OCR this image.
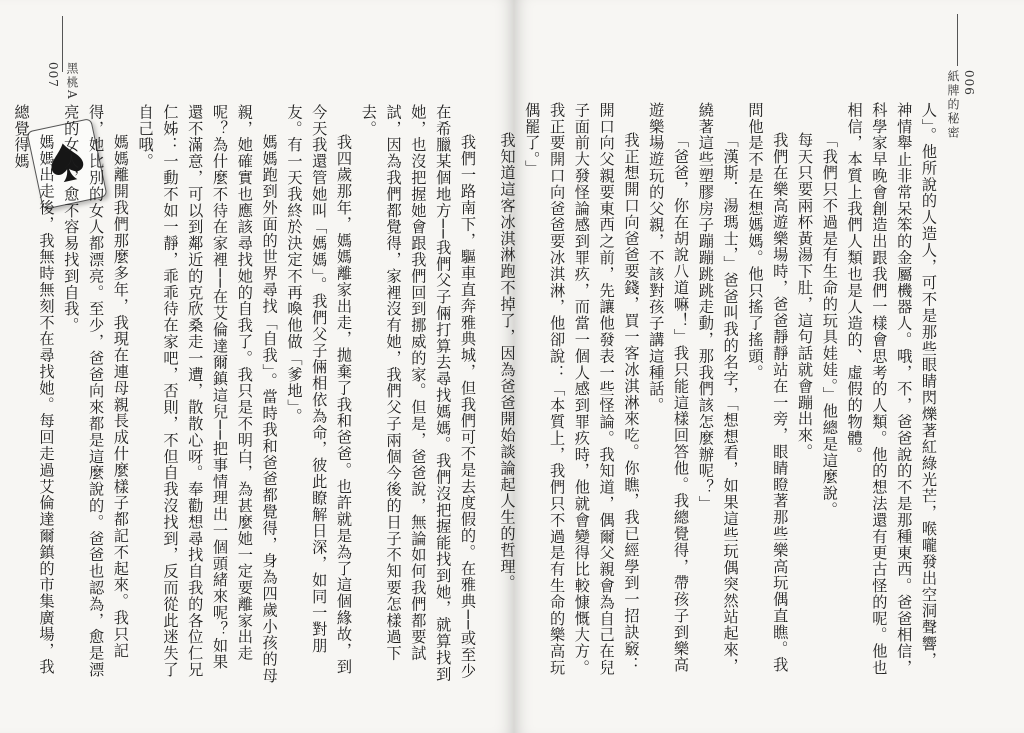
黑桃A
007

我們一路南下，驅車直奔雅典城，但我們可不是去度假的。在雅典──或至少在希臘某個地方──我們父子倆打算去尋找媽媽。我們沒把握能找到她，就算找到她，也沒把握她會跟我們回到挪威的家。但是，爸爸說，無論如何我們都要試試，因為我們都覺得，家裡沒有她，我們父子兩個今後的日子不知要怎樣過下去。

我四歲那年，媽媽離家出走，拋棄了我和爸爸。也許就是為了這個緣故，到今天我還管她叫「媽媽」。我們父子倆相依為命，彼此瞭解日深，如同一對朋友。有一天我終於決定不再喚他做「爹地」。

媽媽跑到外面的世界尋找「自我」。當時我和爸爸都覺得，身為四歲小孩的母親，她確實也應該尋找她的自我了。我只是不明白，為甚麼她一定要離家出走呢？為什麼不待在家裡──在艾倫達爾鎮這兒──把事情理出一個頭緒來呢？如果還不滿意，可以到鄰近的克欣桑走一遭，散散心呀。奉勸想尋找自我的各位仁兄仁姊：一動不如一靜，乖乖待在家吧，否則，不但自我沒找到，反而從此迷失了自己哦。

媽媽離開我們那麼多年，我現在連母親長成什麼樣子都記不起來。我只記得，她比別的女人都漂亮。至少，爸爸向來都是這麼說的。爸爸也認為，愈是漂亮的女人，愈不容易找到自我。

媽媽出走後，我無時無刻不在尋找她。每回走過艾倫達爾鎮的市集廣場，我總覺得媽	紙牌的秘密 006

人」。他所說的人造人，可不是那些眼睛閃爍著紅綠光芒，喉嚨發出空洞聲響，神情舉止非常呆笨的金屬機器人。哦，不，爸爸說的不是那種東西。爸爸相信，科學家早晚會創造出跟我們一樣會思考的人類。他的想法還有更古怪的呢。他也相信，本質上我們人類也是人造的、虛假的物體。

「我們只不過是有生命的玩具娃娃。」他總是這麼說。

每天只要兩杯黃湯下肚，這句話就會蹦出來。

我們在樂高遊樂場時，爸爸靜靜站在一旁，眼睛瞪著那些樂高玩偶直瞧。我問他是不是在想媽媽。他只搖了搖頭。

「漢斯．湯瑪士，」爸爸叫我的名字，「想想看，如果這些玩偶突然站起來，繞著這些塑膠房子蹦蹦跳跳走動，那我們該怎麼辦呢？」

「爸爸，你在胡說八道嘛！」我只能這樣回答他。我總覺得，帶孩子到樂高遊樂場遊玩的父親，不該對孩子講這種話。

我正想開口向爸爸要錢，買一客冰淇淋來吃。你瞧，我已經學到一招訣竅：開口向父親要東西之前，先讓他發表一些怪論。我知道，偶爾父親會為自己在兒子面前大發怪論感到罪疚，而當一個人感到罪疚時，他就會變得比較慷慨大方。我正要開口向爸爸要冰淇淋，他卻說：「本質上，我們只不過是有生命的樂高玩偶罷了。」

我知道這客冰淇淋跑不掉了，因為爸爸開始談論起人生的哲理。
